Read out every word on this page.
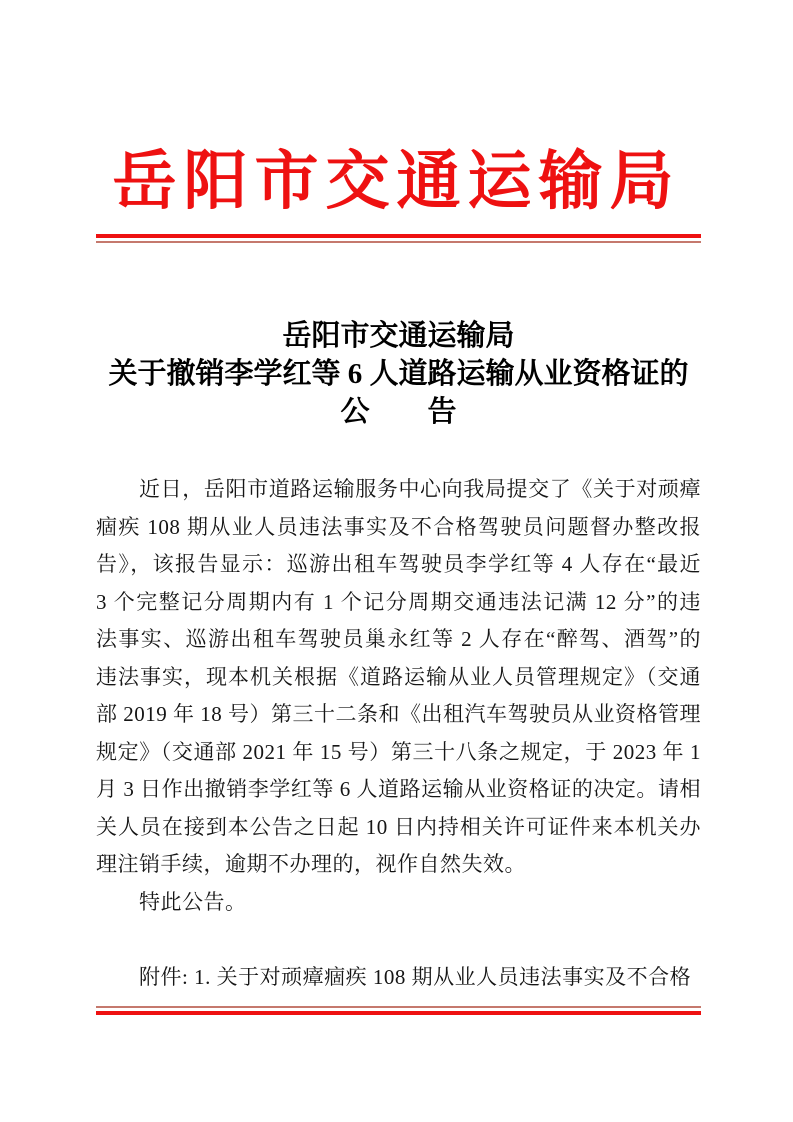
岳阳市交通运输局
岳阳市交通运输局
关于撤销李学红等 6 人道路运输从业资格证的
公　　告
近日，岳阳市道路运输服务中心向我局提交了《关于对顽瘴
痼疾 108 期从业人员违法事实及不合格驾驶员问题督办整改报
告》，该报告显示：巡游出租车驾驶员李学红等 4 人存在“最近
3 个完整记分周期内有 1 个记分周期交通违法记满 12 分”的违
法事实、巡游出租车驾驶员巢永红等 2 人存在“醉驾、酒驾”的
违法事实，现本机关根据《道路运输从业人员管理规定》（交通
部 2019 年 18 号）第三十二条和《出租汽车驾驶员从业资格管理
规定》（交通部 2021 年 15 号）第三十八条之规定，于 2023 年 1
月 3 日作出撤销李学红等 6 人道路运输从业资格证的决定。请相
关人员在接到本公告之日起 10 日内持相关许可证件来本机关办
理注销手续，逾期不办理的，视作自然失效。
特此公告。
附件: 1. 关于对顽瘴痼疾 108 期从业人员违法事实及不合格
